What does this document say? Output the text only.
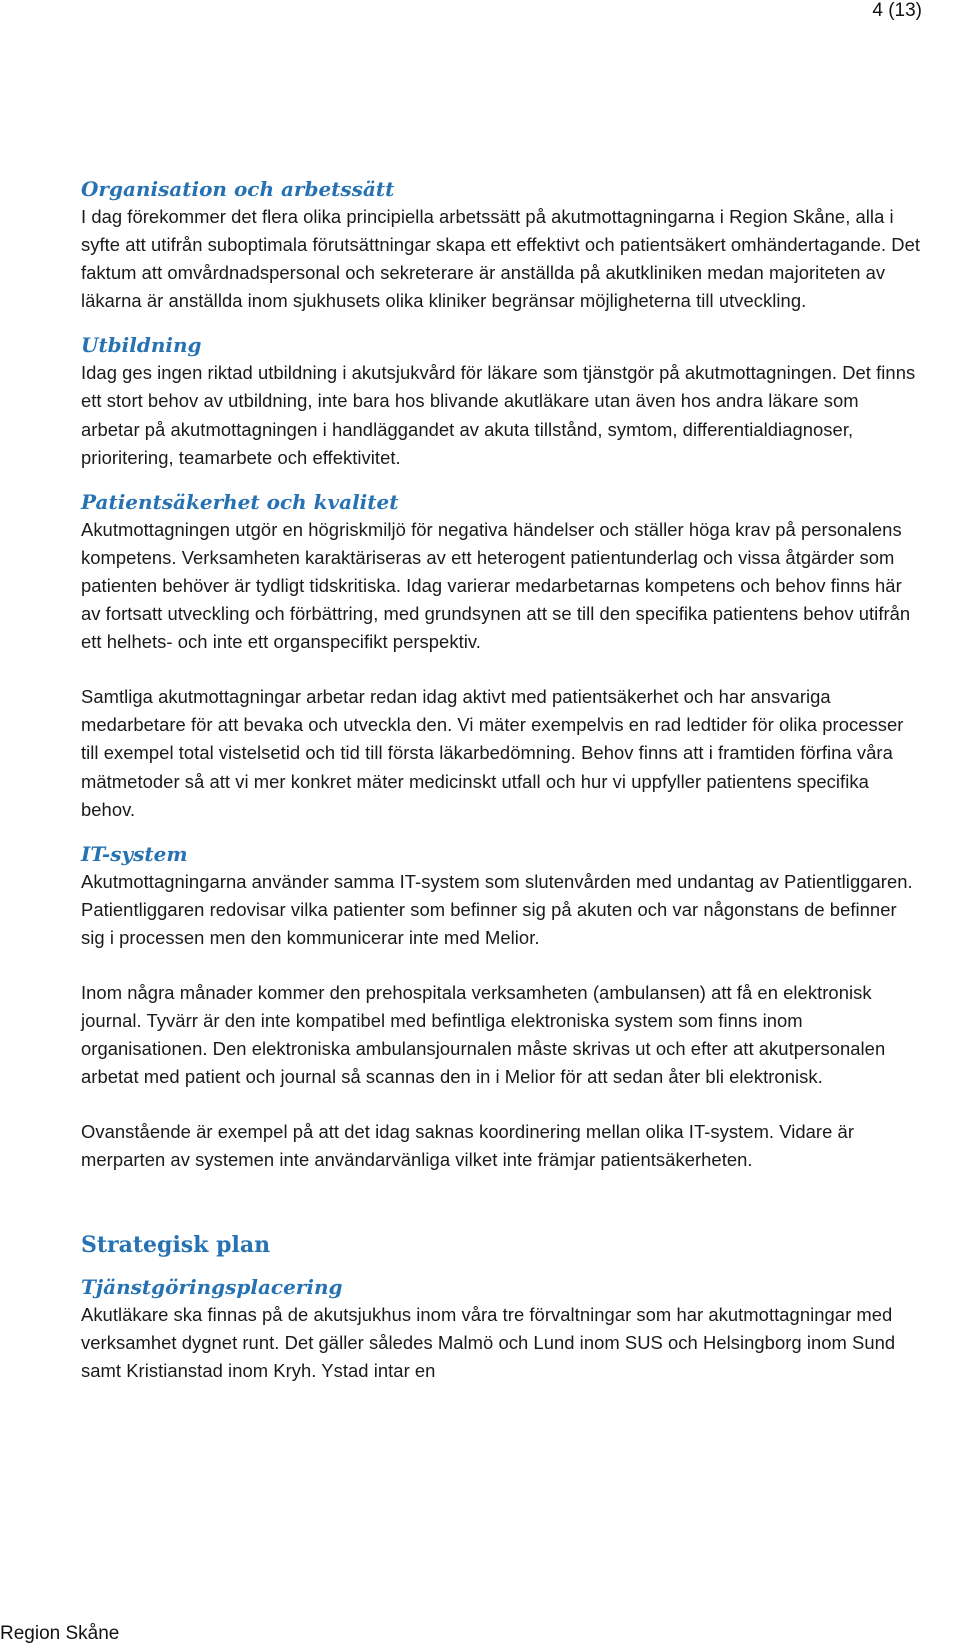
4 (13)
Organisation och arbetssätt

I dag förekommer det flera olika principiella arbetssätt på akutmottagningarna i Region Skåne, alla i syfte att utifrån suboptimala förutsättningar skapa ett effektivt och patientsäkert omhändertagande. Det faktum att omvårdnadspersonal och sekreterare är anställda på akutkliniken medan majoriteten av läkarna är anställda inom sjukhusets olika kliniker begränsar möjligheterna till utveckling.

Utbildning

Idag ges ingen riktad utbildning i akutsjukvård för läkare som tjänstgör på akutmottagningen. Det finns ett stort behov av utbildning, inte bara hos blivande akutläkare utan även hos andra läkare som arbetar på akutmottagningen i handläggandet av akuta tillstånd, symtom, differentialdiagnoser, prioritering, teamarbete och effektivitet.

Patientsäkerhet och kvalitet

Akutmottagningen utgör en högriskmiljö för negativa händelser och ställer höga krav på personalens kompetens. Verksamheten karaktäriseras av ett heterogent patientunderlag och vissa åtgärder som patienten behöver är tydligt tidskritiska. Idag varierar medarbetarnas kompetens och behov finns här av fortsatt utveckling och förbättring, med grundsynen att se till den specifika patientens behov utifrån ett helhets- och inte ett organspecifikt perspektiv.

Samtliga akutmottagningar arbetar redan idag aktivt med patientsäkerhet och har ansvariga medarbetare för att bevaka och utveckla den. Vi mäter exempelvis en rad ledtider för olika processer till exempel total vistelsetid och tid till första läkarbedömning. Behov finns att i framtiden förfina våra mätmetoder så att vi mer konkret mäter medicinskt utfall och hur vi uppfyller patientens specifika behov.

IT-system

Akutmottagningarna använder samma IT-system som slutenvården med undantag av Patientliggaren. Patientliggaren redovisar vilka patienter som befinner sig på akuten och var någonstans de befinner sig i processen men den kommunicerar inte med Melior.

Inom några månader kommer den prehospitala verksamheten (ambulansen) att få en elektronisk journal. Tyvärr är den inte kompatibel med befintliga elektroniska system som finns inom organisationen. Den elektroniska ambulansjournalen måste skrivas ut och efter att akutpersonalen arbetat med patient och journal så scannas den in i Melior för att sedan åter bli elektronisk.

Ovanstående är exempel på att det idag saknas koordinering mellan olika IT-system. Vidare är merparten av systemen inte användarvänliga vilket inte främjar patientsäkerheten.

Strategisk plan
Tjänstgöringsplacering

Akutläkare ska finnas på de akutsjukhus inom våra tre förvaltningar som har akutmottagningar med verksamhet dygnet runt. Det gäller således Malmö och Lund inom SUS och Helsingborg inom Sund samt Kristianstad inom Kryh. Ystad intar en

Region Skåne
